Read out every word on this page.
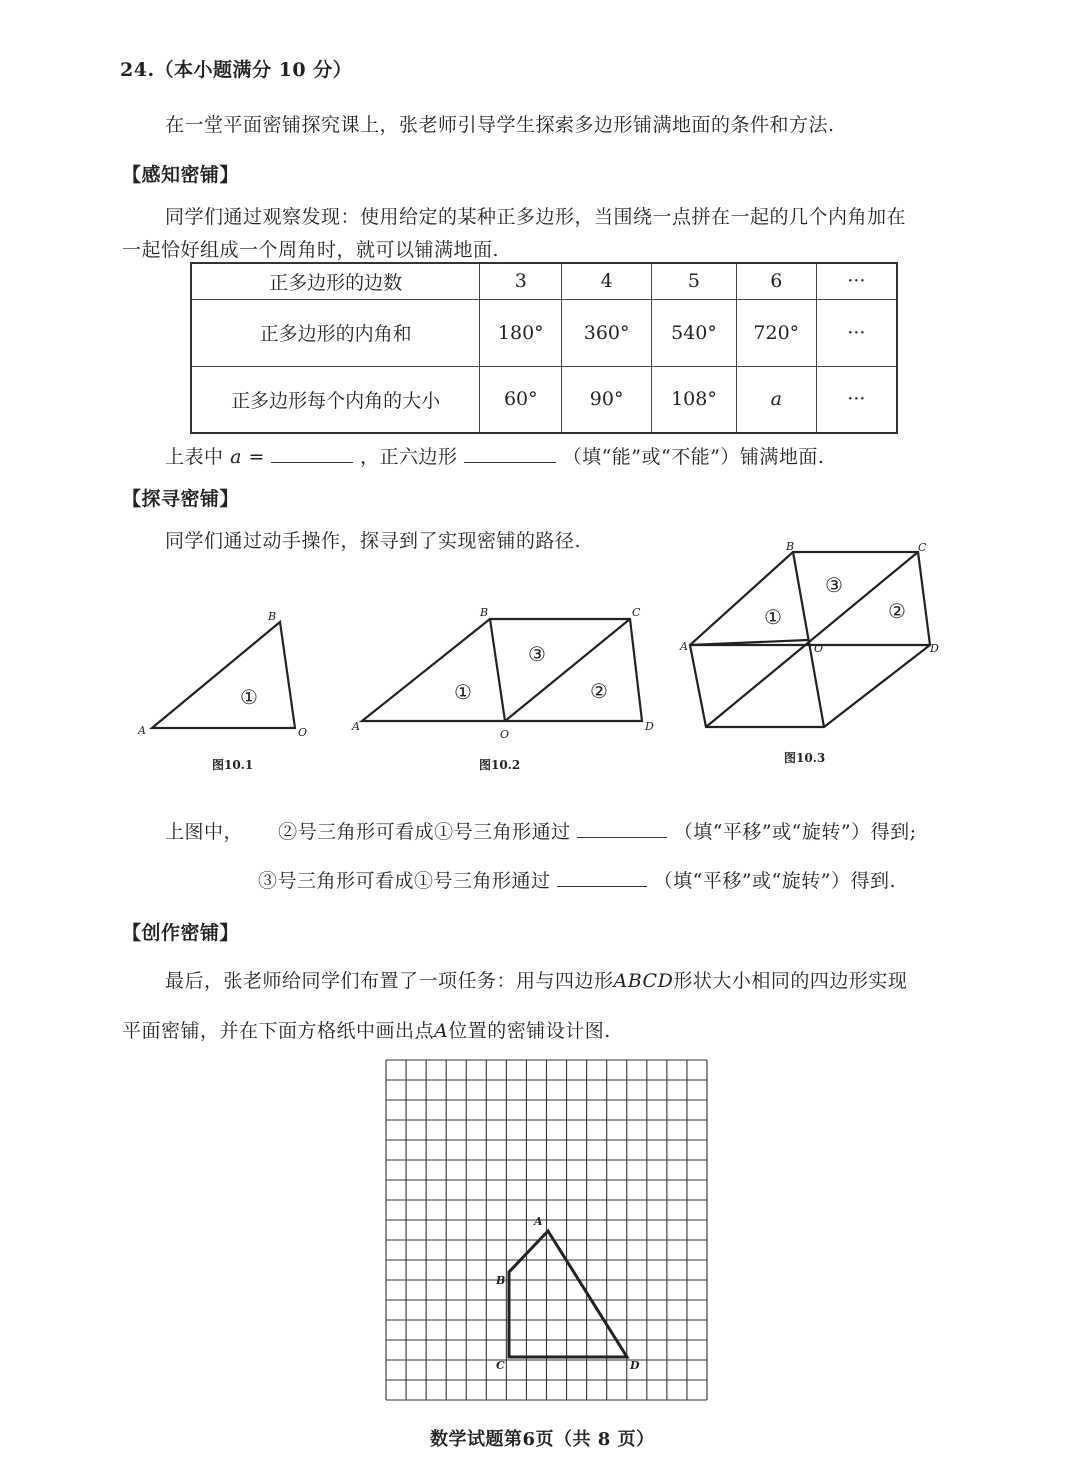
24.（本小题满分 10 分）
在一堂平面密铺探究课上，张老师引导学生探索多边形铺满地面的条件和方法.
【感知密铺】
同学们通过观察发现：使用给定的某种正多边形，当围绕一点拼在一起的几个内角加在
一起恰好组成一个周角时，就可以铺满地面.
正多边形的边数	3	4	5	6	···
正多边形的内角和	180°	360°	540°	720°	···
正多边形每个内角的大小	60°	90°	108°	a	···
上表中 a =	，正六边形	（填“能”或“不能”）铺满地面.
【探寻密铺】
同学们通过动手操作，探寻到了实现密铺的路径.
A
B
O	A
B	C
D
O
B	C
A	D
O
①	①
③
②
①
③
②
图10.1	图10.2	图10.3
上图中， ②号三角形可看成①号三角形通过	（填“平移”或“旋转”）得到;
③号三角形可看成①号三角形通过	（填“平移”或“旋转”）得到.
【创作密铺】
最后，张老师给同学们布置了一项任务：用与四边形ABCD形状大小相同的四边形实现
平面密铺，并在下面方格纸中画出点A位置的密铺设计图.
A
B
C	D
数学试题第6页（共 8 页）
